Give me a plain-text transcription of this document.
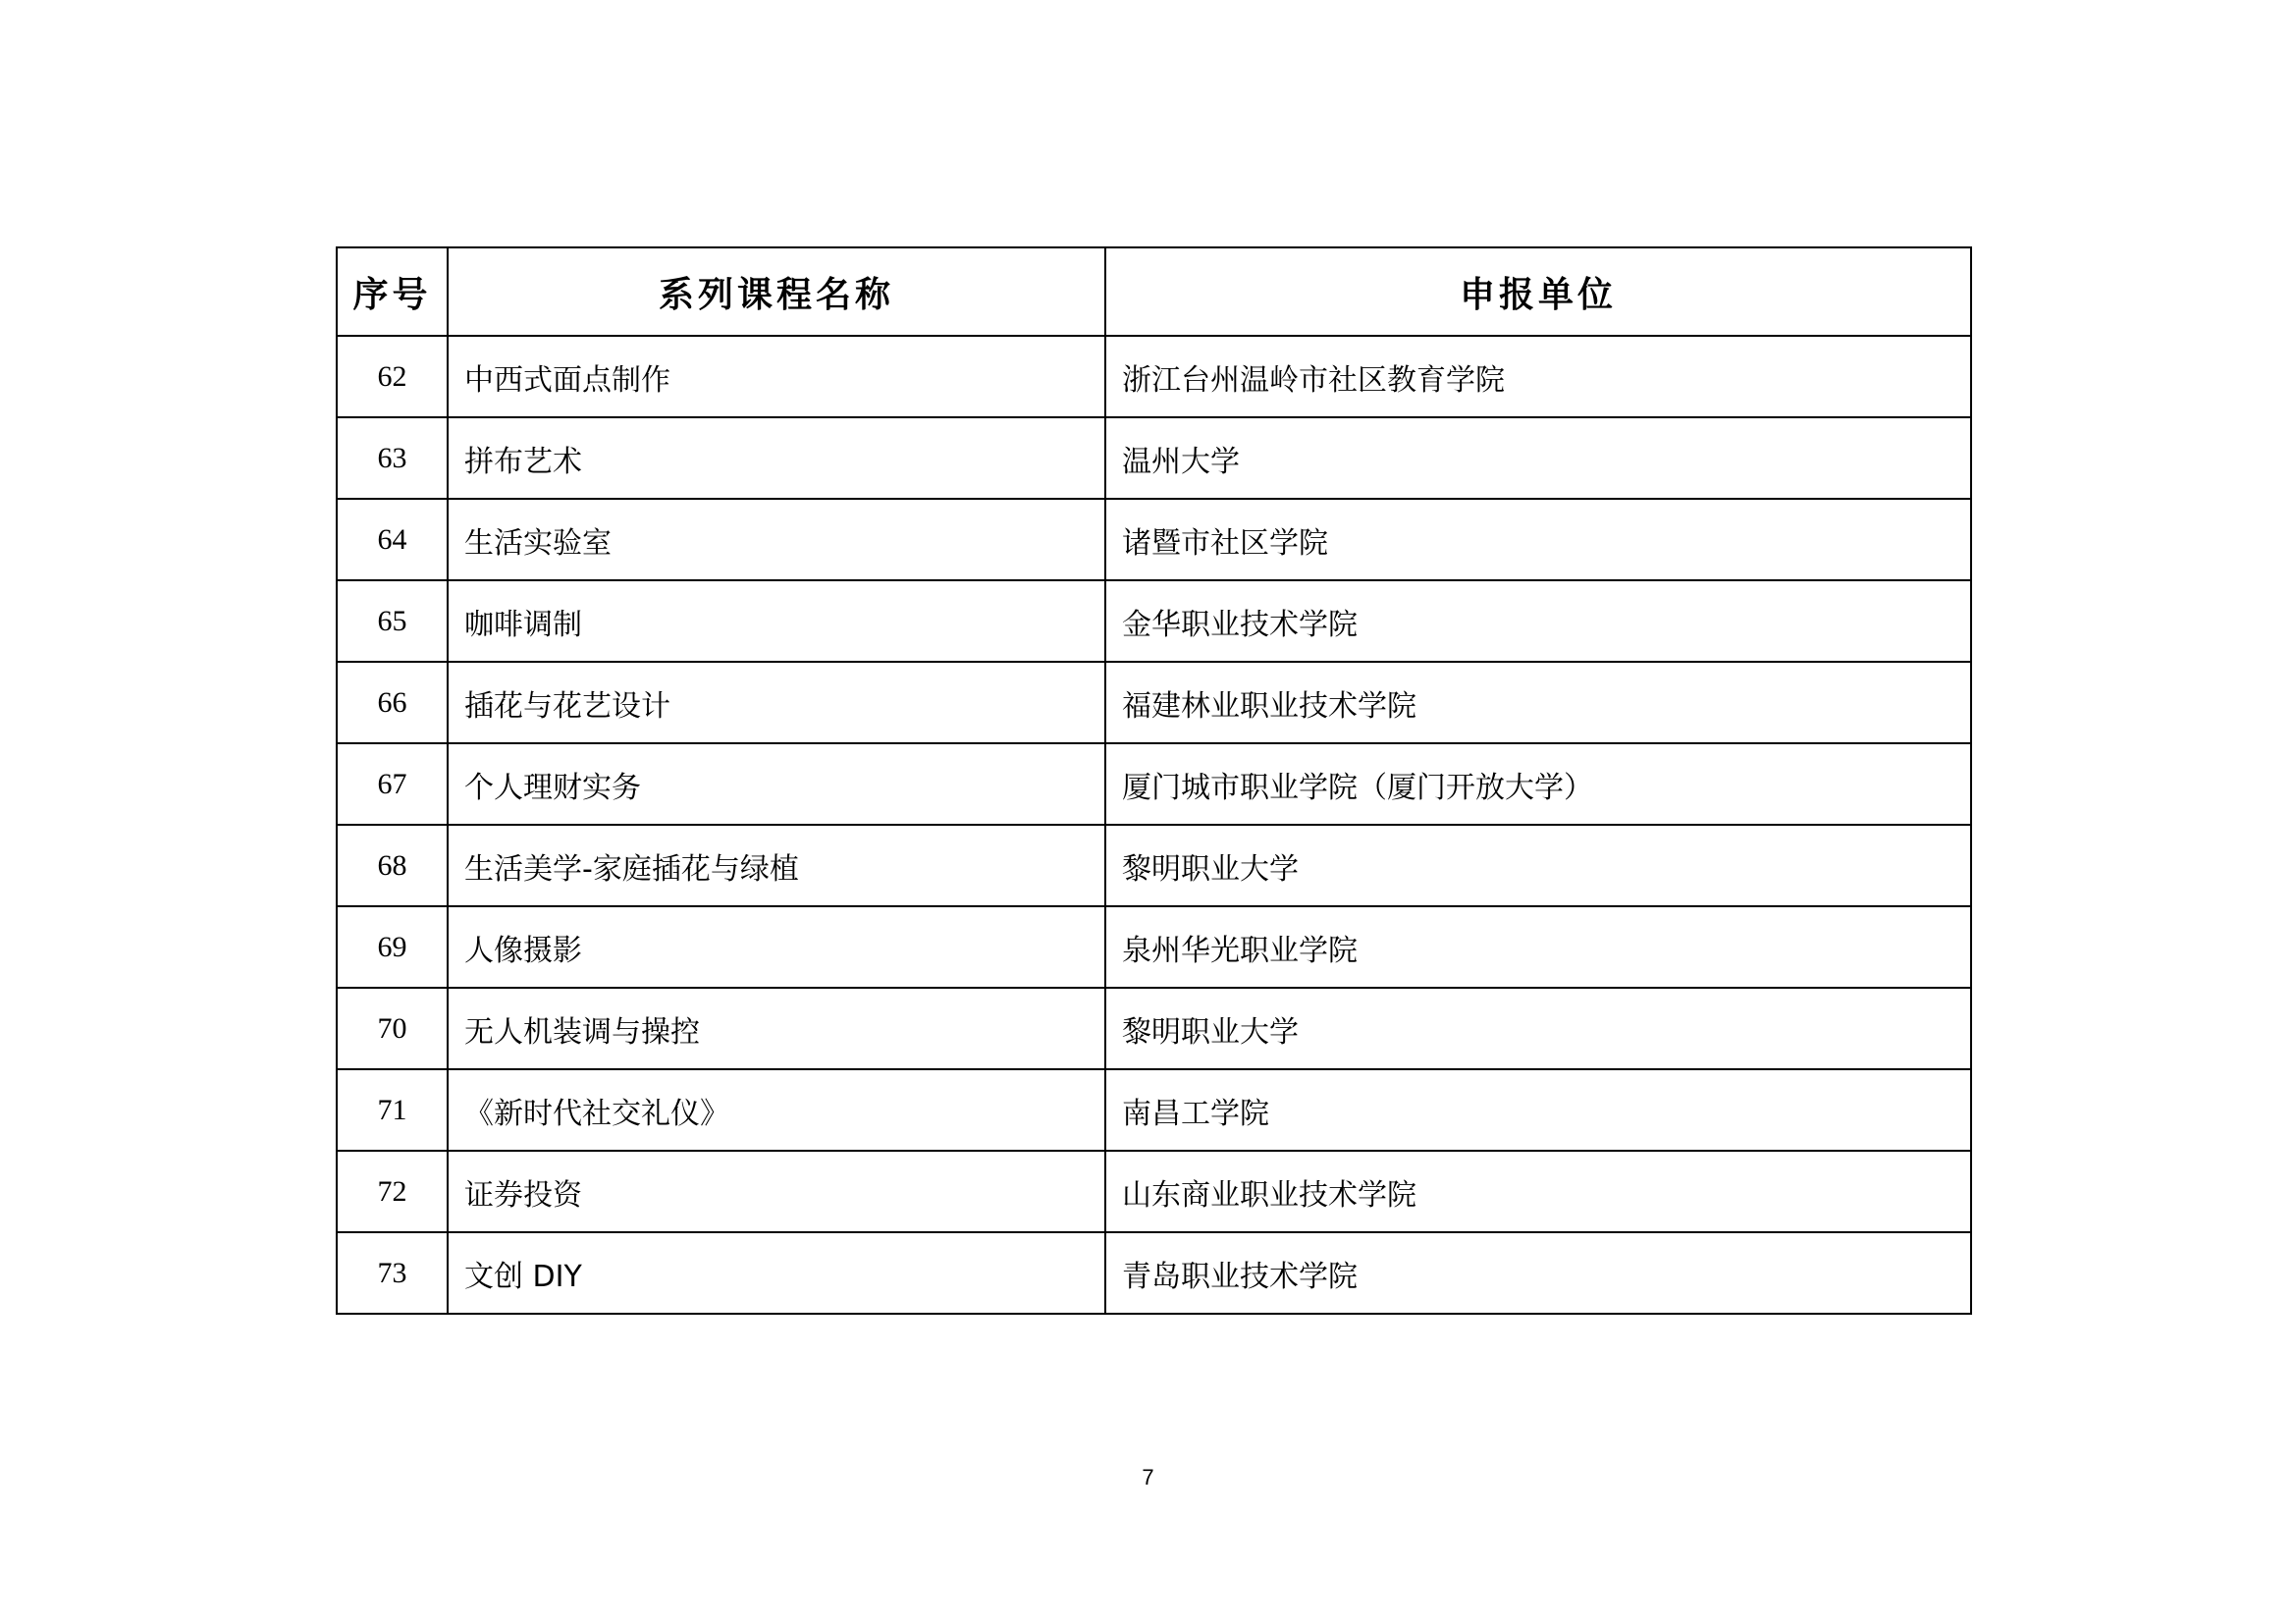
序号	系列课程名称	申报单位
62	中西式面点制作	浙江台州温岭市社区教育学院
63	拼布艺术	温州大学
64	生活实验室	诸暨市社区学院
65	咖啡调制	金华职业技术学院
66	插花与花艺设计	福建林业职业技术学院
67	个人理财实务	厦门城市职业学院（厦门开放大学）
68	生活美学-家庭插花与绿植	黎明职业大学
69	人像摄影	泉州华光职业学院
70	无人机装调与操控	黎明职业大学
71	《新时代社交礼仪》	南昌工学院
72	证券投资	山东商业职业技术学院
73	文创 DIY	青岛职业技术学院
7
